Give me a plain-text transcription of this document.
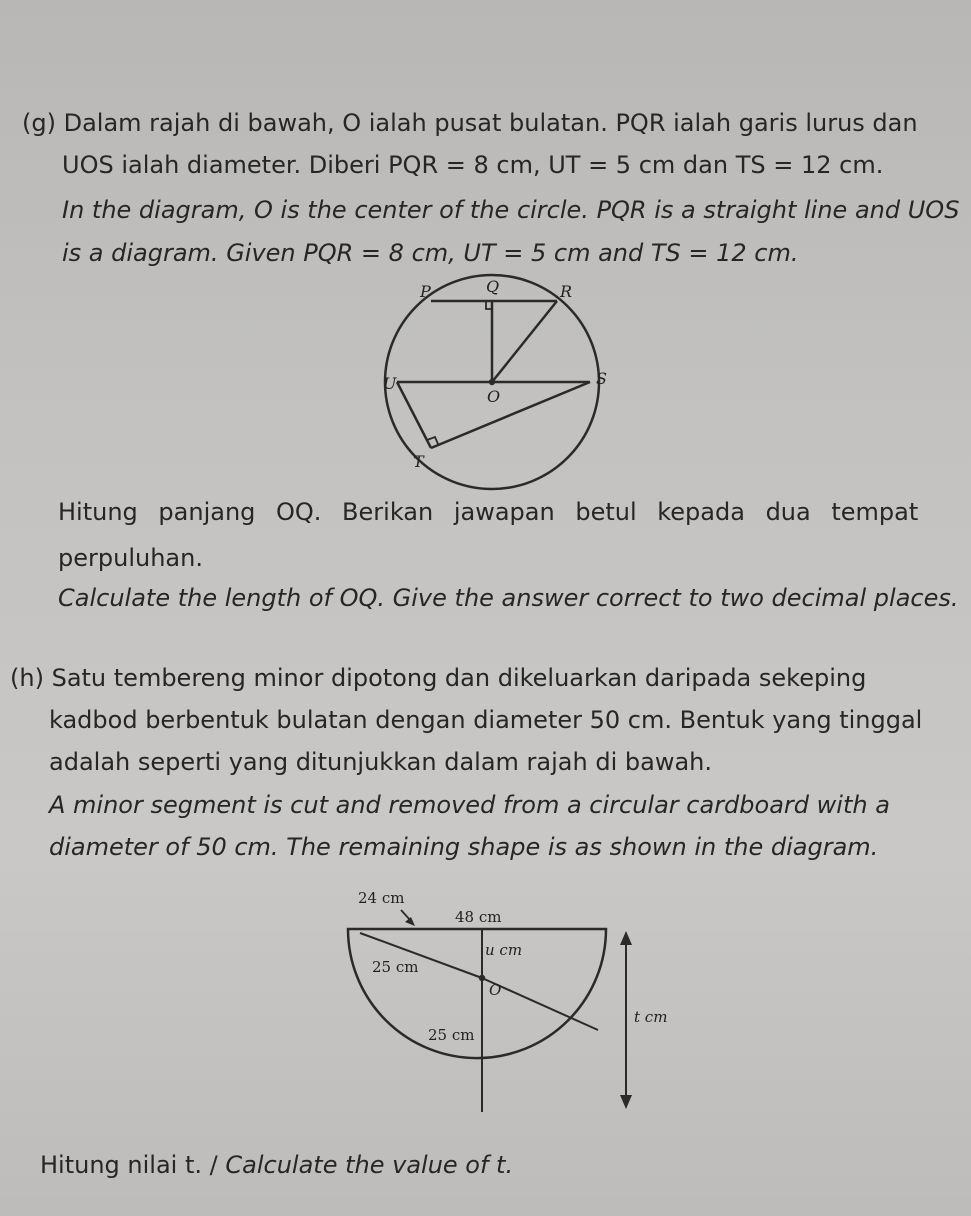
(g) Dalam rajah di bawah, O ialah pusat bulatan. PQR ialah garis lurus dan

UOS ialah diameter. Diberi PQR = 8 cm, UT = 5 cm dan TS = 12 cm.

In the diagram, O is the center of the circle. PQR is a straight line and UOS

is a diagram. Given PQR = 8 cm, UT = 5 cm and TS = 12 cm.

P	Q	R
U
O
S
T

Hitung panjang OQ. Berikan jawapan betul kepada dua tempat

perpuluhan.

Calculate the length of OQ. Give the answer correct to two decimal places.

(h) Satu tembereng minor dipotong dan dikeluarkan daripada sekeping

kadbod berbentuk bulatan dengan diameter 50 cm. Bentuk yang tinggal

adalah seperti yang ditunjukkan dalam rajah di bawah.

A minor segment is cut and removed from a circular cardboard with a

diameter of 50 cm. The remaining shape is as shown in the diagram.

24 cm
48 cm
25 cm
u cm
O
25 cm
t cm

Hitung nilai t. / Calculate the value of t.
